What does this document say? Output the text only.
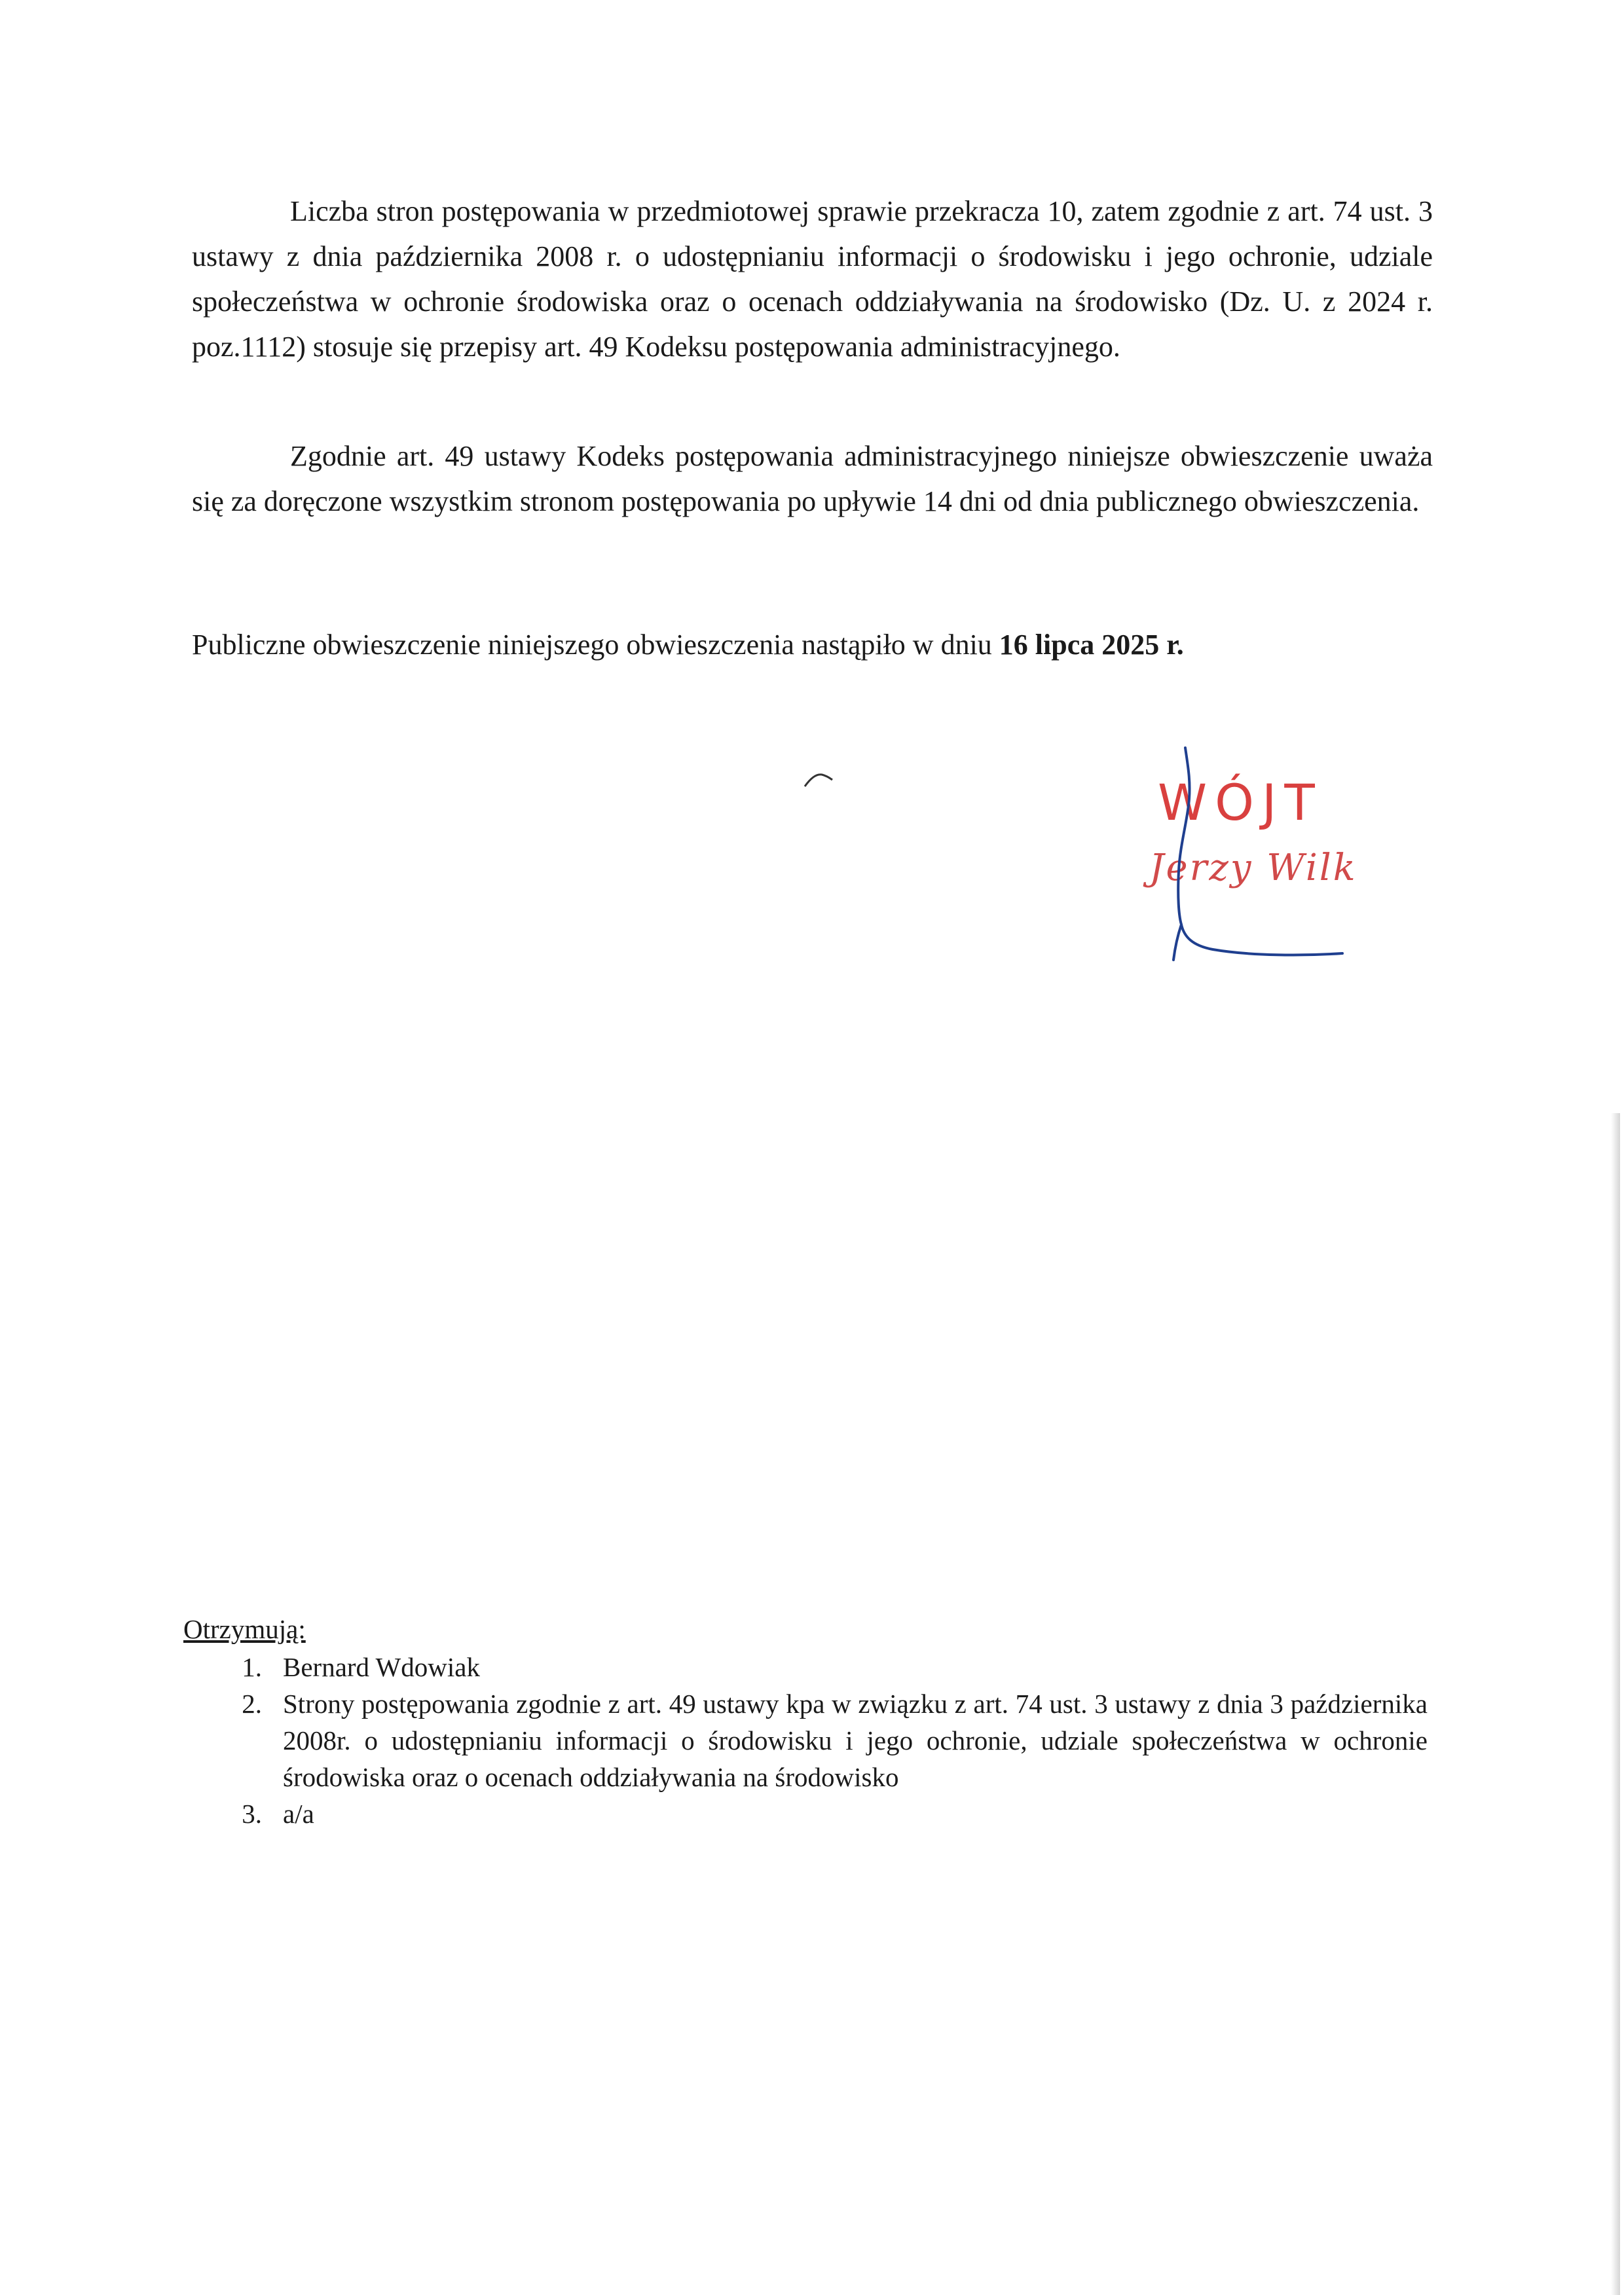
Liczba stron postępowania w przedmiotowej sprawie przekracza 10, zatem zgodnie z art. 74 ust. 3 ustawy z dnia października 2008 r. o udostępnianiu informacji o środowisku i jego ochronie, udziale społeczeństwa w ochronie środowiska oraz o ocenach oddziaływania na środowisko (Dz. U. z 2024 r. poz.1112) stosuje się przepisy art. 49 Kodeksu postępowania administracyjnego.

Zgodnie art. 49 ustawy Kodeks postępowania administracyjnego niniejsze obwieszczenie uważa się za doręczone wszystkim stronom postępowania po upływie 14 dni od dnia publicznego obwieszczenia.

Publiczne obwieszczenie niniejszego obwieszczenia nastąpiło w dniu 16 lipca 2025 r.

WÓJT

Jerzy Wilk

Otrzymują:

1. Bernard Wdowiak
2. Strony postępowania zgodnie z art. 49 ustawy kpa w związku z art. 74 ust. 3 ustawy z dnia 3 października 2008r. o udostępnianiu informacji o środowisku i jego ochronie, udziale społeczeństwa w ochronie środowiska oraz o ocenach oddziaływania na środowisko
3. a/a
